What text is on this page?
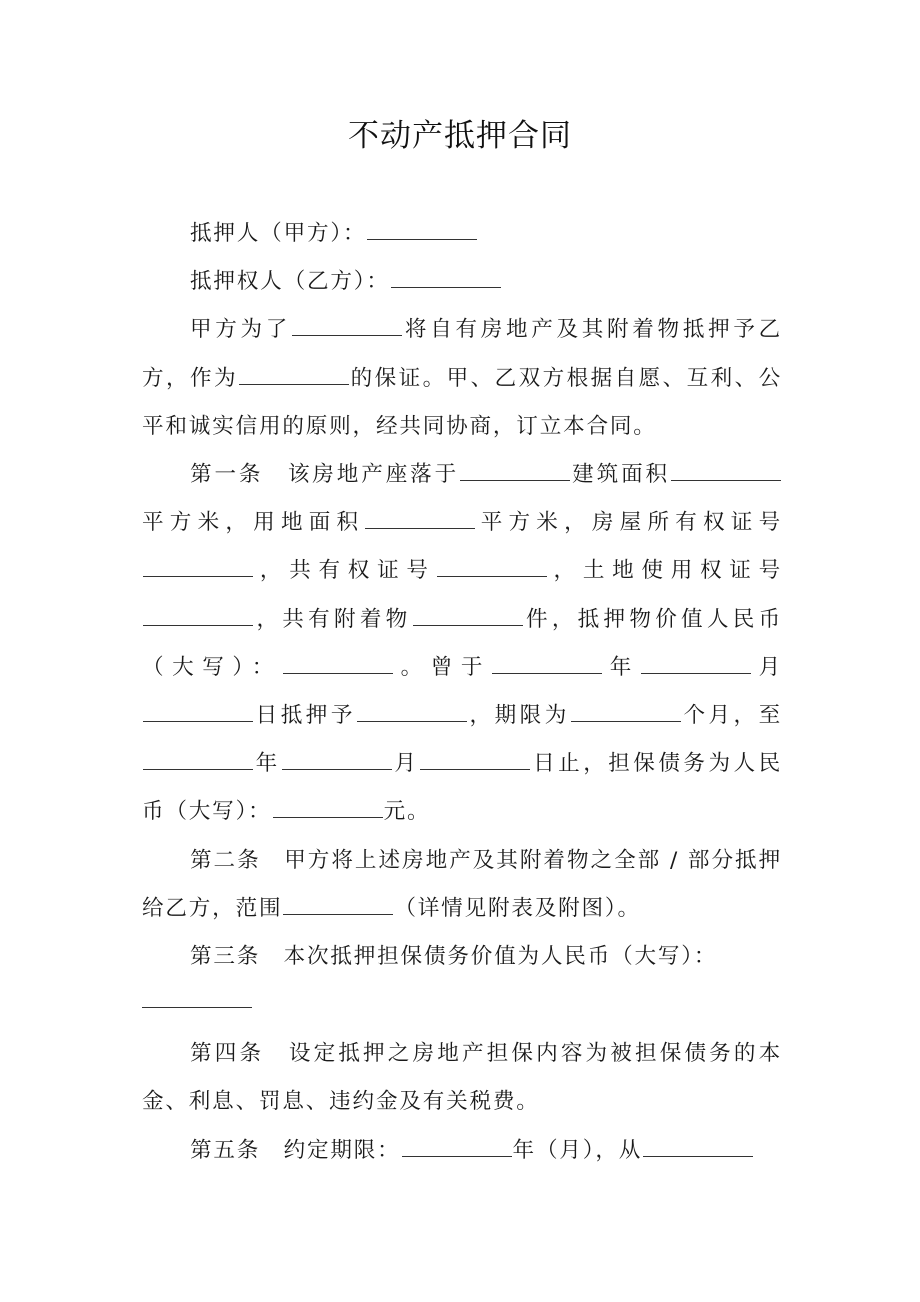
不动产抵押合同

抵押人（甲方）：

抵押权人（乙方）：

甲方为了	将自有房地产及其附着物抵押予乙方，作为	的保证。甲、乙双方根据自愿、互利、公平和诚实信用的原则，经共同协商，订立本合同。

第一条　该房地产座落于	建筑面积平方米，用地面积	平方米，房屋所有权证号，共有权证号	，土地使用权证号，共有附着物	件，抵押物价值人民币（大写）：	。曾于	年	月日抵押予	，期限为	个月，至年	月	日止，担保债务为人民币（大写）：	元。

第二条　甲方将上述房地产及其附着物之全部 / 部分抵押给乙方，范围	（详情见附表及附图）。

第三条　本次抵押担保债务价值为人民币（大写）：

第四条　设定抵押之房地产担保内容为被担保债务的本金、利息、罚息、违约金及有关税费。

第五条　约定期限：	年（月），从
